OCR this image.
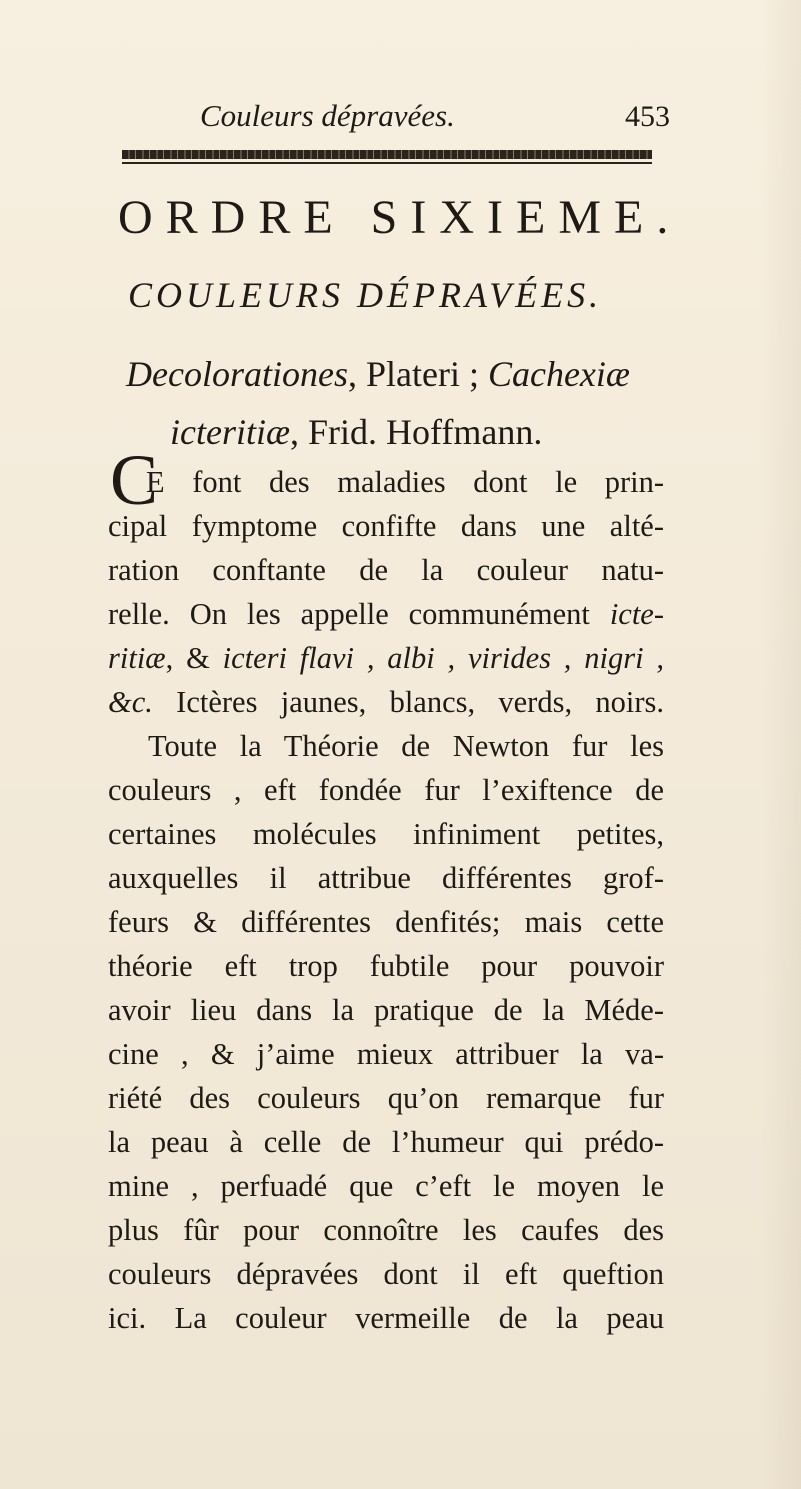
Couleurs dépravées.	453
ORDRE SIXIEME.
COULEURS DÉPRAVÉES.
Decolorationes, Plateri ; Cachexiæ
icteritiæ, Frid. Hoffmann.
C
E font des maladies dont le prin-
cipal fymptome confifte dans une alté-
ration conftante de la couleur natu-
relle. On les appelle communément icte-
ritiæ, & icteri flavi , albi , virides , nigri ,
&c. Ictères jaunes, blancs, verds, noirs.
Toute la Théorie de Newton fur les
couleurs , eft fondée fur l’exiftence de
certaines molécules infiniment petites,
auxquelles il attribue différentes grof-
feurs & différentes denfités; mais cette
théorie eft trop fubtile pour pouvoir
avoir lieu dans la pratique de la Méde-
cine , & j’aime mieux attribuer la va-
riété des couleurs qu’on remarque fur
la peau à celle de l’humeur qui prédo-
mine , perfuadé que c’eft le moyen le
plus fûr pour connoître les caufes des
couleurs dépravées dont il eft queftion
ici. La couleur vermeille de la peau
